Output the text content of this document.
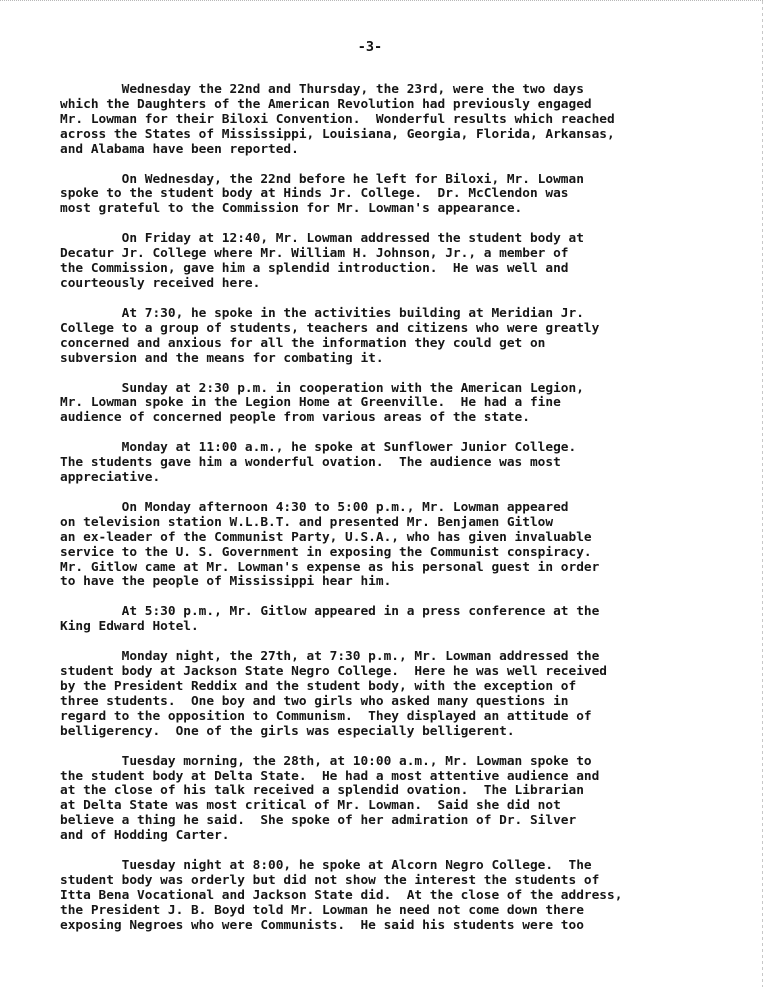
-3-
Wednesday the 22nd and Thursday, the 23rd, were the two days
which the Daughters of the American Revolution had previously engaged
Mr. Lowman for their Biloxi Convention.  Wonderful results which reached
across the States of Mississippi, Louisiana, Georgia, Florida, Arkansas,
and Alabama have been reported.
On Wednesday, the 22nd before he left for Biloxi, Mr. Lowman
spoke to the student body at Hinds Jr. College.  Dr. McClendon was
most grateful to the Commission for Mr. Lowman's appearance.
On Friday at 12:40, Mr. Lowman addressed the student body at
Decatur Jr. College where Mr. William H. Johnson, Jr., a member of
the Commission, gave him a splendid introduction.  He was well and
courteously received here.
At 7:30, he spoke in the activities building at Meridian Jr.
College to a group of students, teachers and citizens who were greatly
concerned and anxious for all the information they could get on
subversion and the means for combating it.
Sunday at 2:30 p.m. in cooperation with the American Legion,
Mr. Lowman spoke in the Legion Home at Greenville.  He had a fine
audience of concerned people from various areas of the state.
Monday at 11:00 a.m., he spoke at Sunflower Junior College.
The students gave him a wonderful ovation.  The audience was most
appreciative.
On Monday afternoon 4:30 to 5:00 p.m., Mr. Lowman appeared
on television station W.L.B.T. and presented Mr. Benjamen Gitlow
an ex-leader of the Communist Party, U.S.A., who has given invaluable
service to the U. S. Government in exposing the Communist conspiracy.
Mr. Gitlow came at Mr. Lowman's expense as his personal guest in order
to have the people of Mississippi hear him.
At 5:30 p.m., Mr. Gitlow appeared in a press conference at the
King Edward Hotel.
Monday night, the 27th, at 7:30 p.m., Mr. Lowman addressed the
student body at Jackson State Negro College.  Here he was well received
by the President Reddix and the student body, with the exception of
three students.  One boy and two girls who asked many questions in
regard to the opposition to Communism.  They displayed an attitude of
belligerency.  One of the girls was especially belligerent.
Tuesday morning, the 28th, at 10:00 a.m., Mr. Lowman spoke to
the student body at Delta State.  He had a most attentive audience and
at the close of his talk received a splendid ovation.  The Librarian
at Delta State was most critical of Mr. Lowman.  Said she did not
believe a thing he said.  She spoke of her admiration of Dr. Silver
and of Hodding Carter.
Tuesday night at 8:00, he spoke at Alcorn Negro College.  The
student body was orderly but did not show the interest the students of
Itta Bena Vocational and Jackson State did.  At the close of the address,
the President J. B. Boyd told Mr. Lowman he need not come down there
exposing Negroes who were Communists.  He said his students were too
